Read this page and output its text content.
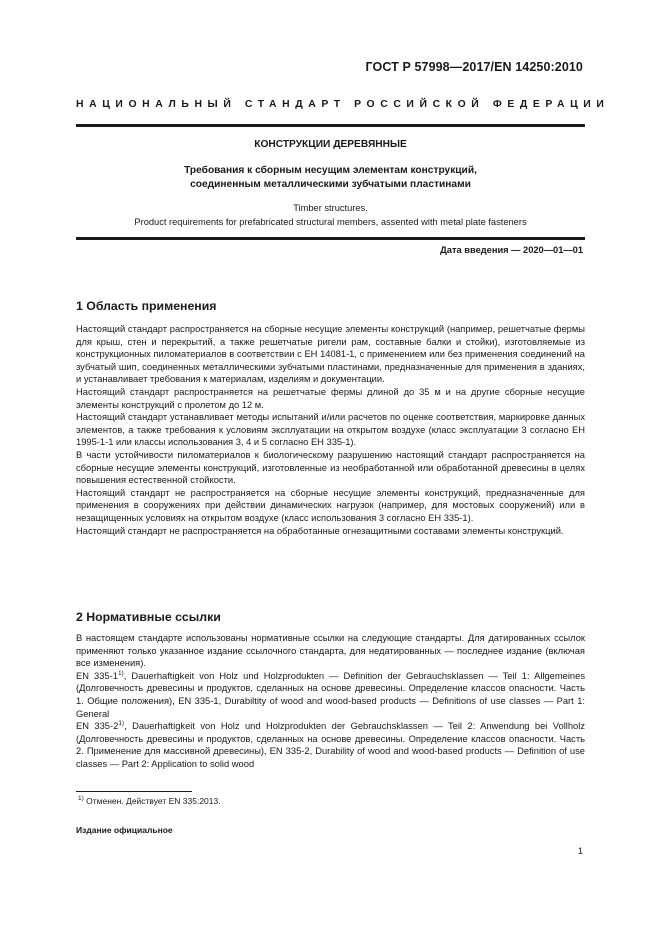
ГОСТ Р 57998—2017/EN 14250:2010
НАЦИОНАЛЬНЫЙ СТАНДАРТ РОССИЙСКОЙ ФЕДЕРАЦИИ
КОНСТРУКЦИИ ДЕРЕВЯННЫЕ
Требования к сборным несущим элементам конструкций,
соединенным металлическими зубчатыми пластинами
Timber structures.
Product requirements for prefabricated structural members, assented with metal plate fasteners
Дата введения — 2020—01—01
1 Область применения

Настоящий стандарт распространяется на сборные несущие элементы конструкций (например, решетчатые фермы для крыш, стен и перекрытий, а также решетчатые ригели рам, составные балки и стойки), изготовляемые из конструкционных пиломатериалов в соответствии с ЕН 14081-1, с применением или без применения соединений на зубчатый шип, соединенных металлическими зубчатыми пластинами, предназначенные для применения в зданиях, и устанавливает требования к материалам, изделиям и документации.

Настоящий стандарт распространяется на решетчатые фермы длиной до 35 м и на другие сборные несущие элементы конструкций с пролетом до 12 м.

Настоящий стандарт устанавливает методы испытаний и/или расчетов по оценке соответствия, маркировке данных элементов, а также требования к условиям эксплуатации на открытом воздухе (класс эксплуатации 3 согласно ЕН 1995-1-1 или классы использования 3, 4 и 5 согласно ЕН 335-1).

В части устойчивости пиломатериалов к биологическому разрушению настоящий стандарт распространяется на сборные несущие элементы конструкций, изготовленные из необработанной или обработанной древесины в целях повышения естественной стойкости.

Настоящий стандарт не распространяется на сборные несущие элементы конструкций, предназначенные для применения в сооружениях при действии динамических нагрузок (например, для мостовых сооружений) или в незащищенных условиях на открытом воздухе (класс использования 3 согласно ЕН 335-1).

Настоящий стандарт не распространяется на обработанные огнезащитными составами элементы конструкций.

2 Нормативные ссылки

В настоящем стандарте использованы нормативные ссылки на следующие стандарты. Для датированных ссылок применяют только указанное издание ссылочного стандарта, для недатированных — последнее издание (включая все изменения).

EN 335-1$^{1)}$, Dauerhaftigkeit von Holz und Holzprodukten — Definition der Gebrauchsklassen — Teil 1: Allgemeines (Долговечность древесины и продуктов, сделанных на основе древесины. Определение классов опасности. Часть 1. Общие положения), EN 335-1, Durabiltity of wood and wood-based products — Definitions of use classes — Part 1: General

EN 335-2$^{1)}$, Dauerhaftigkeit von Holz und Holzprodukten der Gebrauchsklassen — Teil 2: Anwendung bei Vollholz (Долговечность древесины и продуктов, сделанных на основе древесины. Определение классов опасности. Часть 2. Применение для массивной древесины), EN 335-2, Durability of wood and wood-based products — Definition of use classes — Part 2: Application to solid wood

$^{1)}$ Отменен. Действует EN 335:2013.
Издание официальное
1
